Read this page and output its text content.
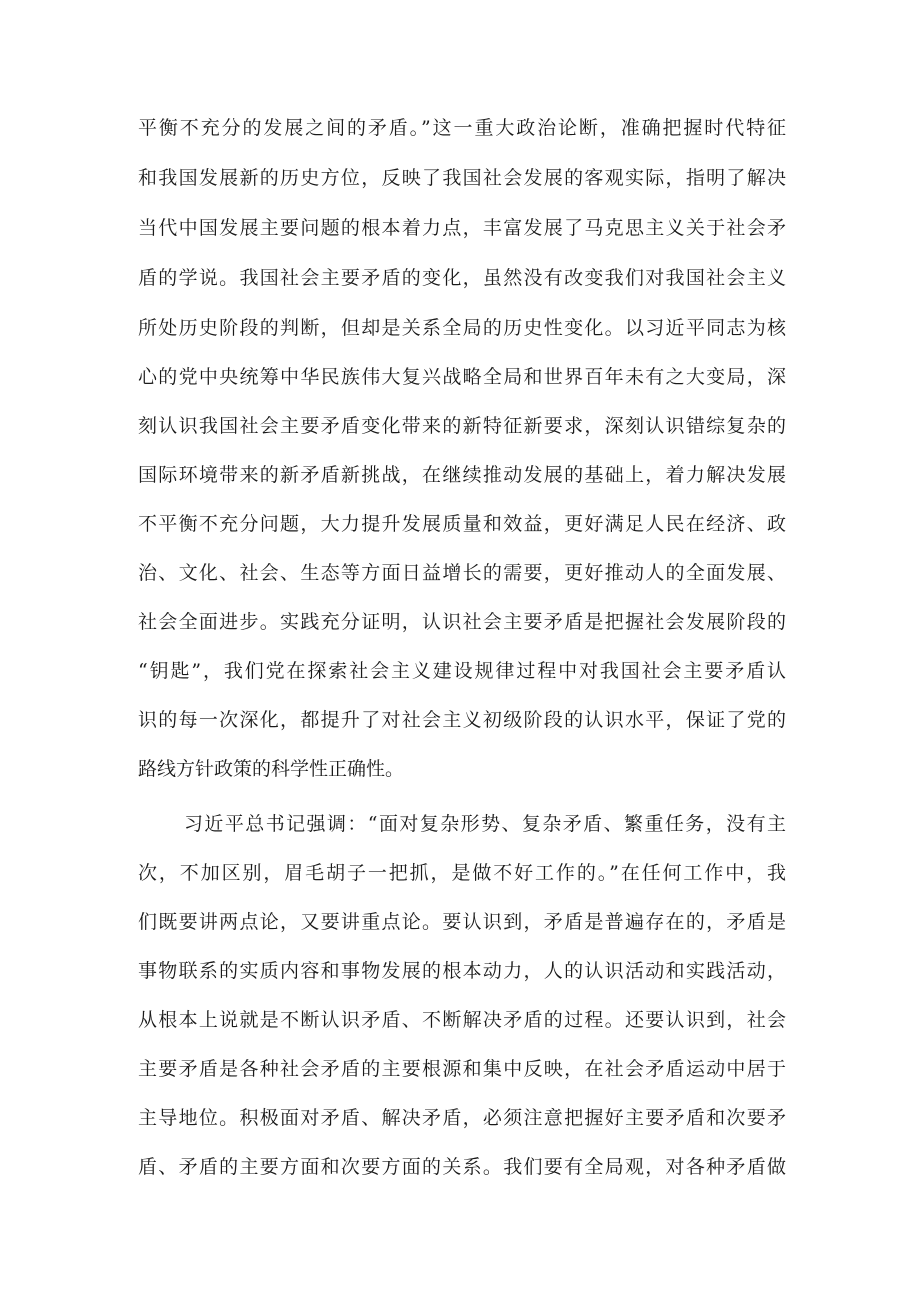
平衡不充分的发展之间的矛盾。”这一重大政治论断，准确把握时代特征
和我国发展新的历史方位，反映了我国社会发展的客观实际，指明了解决
当代中国发展主要问题的根本着力点，丰富发展了马克思主义关于社会矛
盾的学说。我国社会主要矛盾的变化，虽然没有改变我们对我国社会主义
所处历史阶段的判断，但却是关系全局的历史性变化。以习近平同志为核
心的党中央统筹中华民族伟大复兴战略全局和世界百年未有之大变局，深
刻认识我国社会主要矛盾变化带来的新特征新要求，深刻认识错综复杂的
国际环境带来的新矛盾新挑战，在继续推动发展的基础上，着力解决发展
不平衡不充分问题，大力提升发展质量和效益，更好满足人民在经济、政
治、文化、社会、生态等方面日益增长的需要，更好推动人的全面发展、
社会全面进步。实践充分证明，认识社会主要矛盾是把握社会发展阶段的
“钥匙”，我们党在探索社会主义建设规律过程中对我国社会主要矛盾认
识的每一次深化，都提升了对社会主义初级阶段的认识水平，保证了党的
路线方针政策的科学性正确性。
习近平总书记强调：“面对复杂形势、复杂矛盾、繁重任务，没有主
次，不加区别，眉毛胡子一把抓，是做不好工作的。”在任何工作中，我
们既要讲两点论，又要讲重点论。要认识到，矛盾是普遍存在的，矛盾是
事物联系的实质内容和事物发展的根本动力，人的认识活动和实践活动，
从根本上说就是不断认识矛盾、不断解决矛盾的过程。还要认识到，社会
主要矛盾是各种社会矛盾的主要根源和集中反映，在社会矛盾运动中居于
主导地位。积极面对矛盾、解决矛盾，必须注意把握好主要矛盾和次要矛
盾、矛盾的主要方面和次要方面的关系。我们要有全局观，对各种矛盾做
